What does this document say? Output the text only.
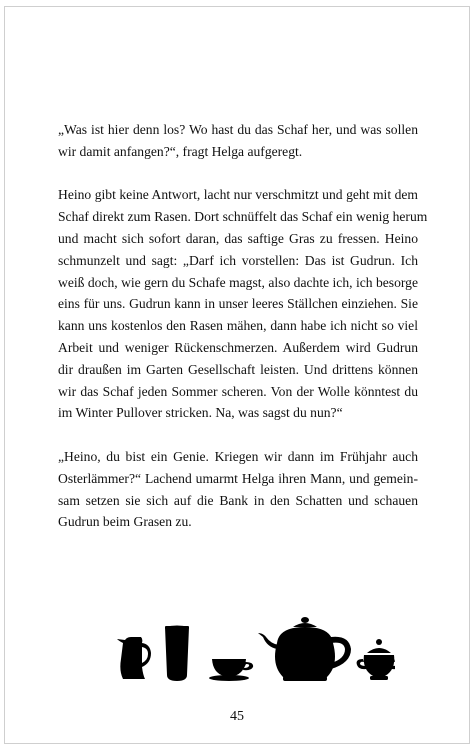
„Was ist hier denn los? Wo hast du das Schaf her, und was sollen
wir damit anfangen?“, fragt Helga aufgeregt.

Heino gibt keine Antwort, lacht nur verschmitzt und geht mit dem
Schaf direkt zum Rasen. Dort schnüffelt das Schaf ein wenig herum
und macht sich sofort daran, das saftige Gras zu fressen. Heino
schmunzelt und sagt: „Darf ich vorstellen: Das ist Gudrun. Ich
weiß doch, wie gern du Schafe magst, also dachte ich, ich besorge
eins für uns. Gudrun kann in unser leeres Ställchen einziehen. Sie
kann uns kostenlos den Rasen mähen, dann habe ich nicht so viel
Arbeit und weniger Rückenschmerzen. Außerdem wird Gudrun
dir draußen im Garten Gesellschaft leisten. Und drittens können
wir das Schaf jeden Sommer scheren. Von der Wolle könntest du
im Winter Pullover stricken. Na, was sagst du nun?“

„Heino, du bist ein Genie. Kriegen wir dann im Frühjahr auch
Osterlämmer?“ Lachend umarmt Helga ihren Mann, und gemein-
sam setzen sie sich auf die Bank in den Schatten und schauen
Gudrun beim Grasen zu.

45
